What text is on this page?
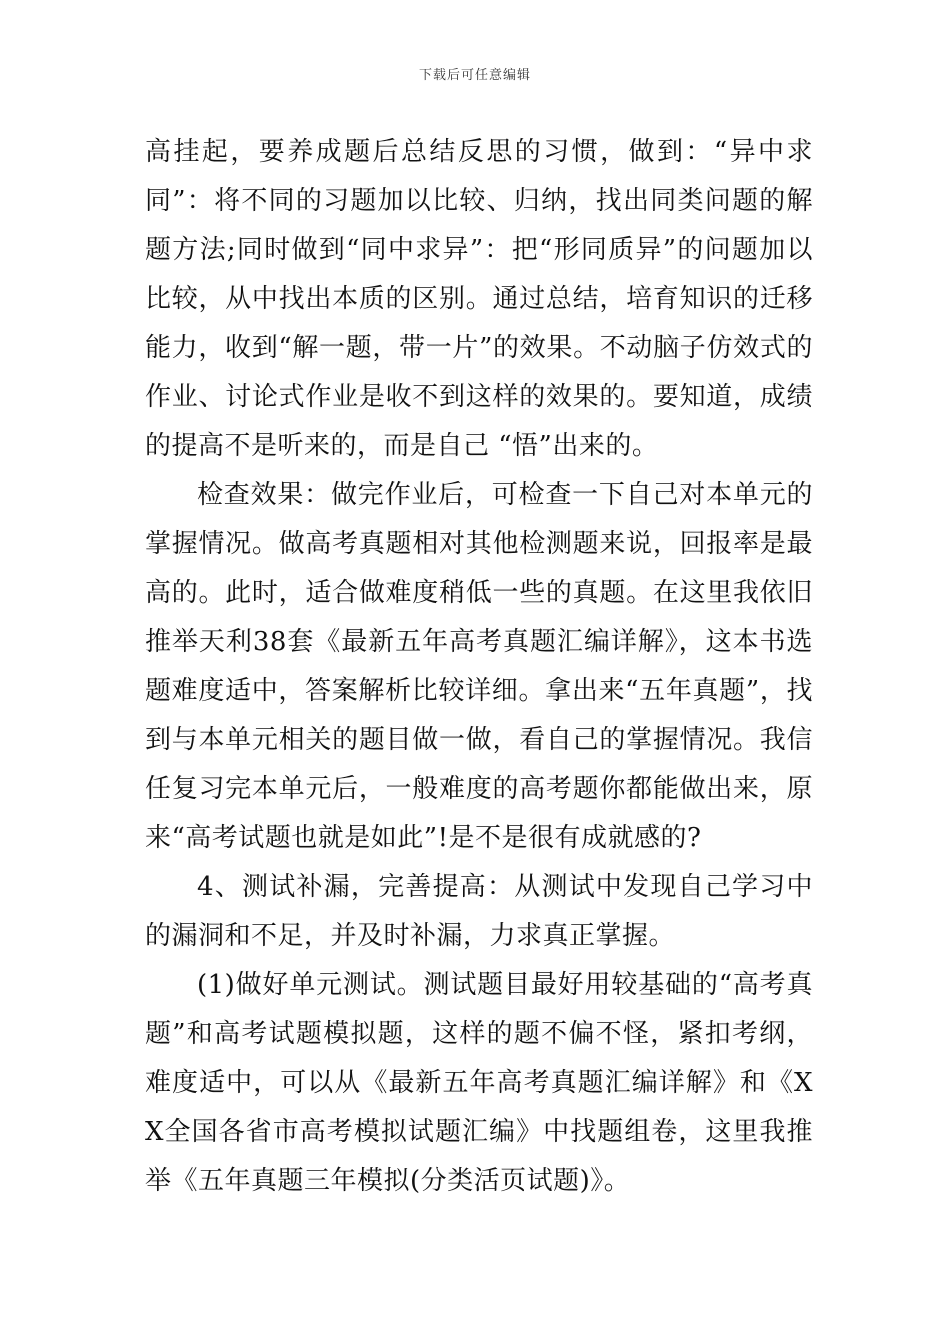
下载后可任意编辑

高挂起，要养成题后总结反思的习惯，做到：“异中求同”：将不同的习题加以比较、归纳，找出同类问题的解题方法;同时做到“同中求异”：把“形同质异”的问题加以比较，从中找出本质的区别。通过总结，培育知识的迁移能力，收到“解一题，带一片”的效果。不动脑子仿效式的作业、讨论式作业是收不到这样的效果的。要知道，成绩的提高不是听来的，而是自己 “悟”出来的。

检查效果：做完作业后，可检查一下自己对本单元的掌握情况。做高考真题相对其他检测题来说，回报率是最高的。此时，适合做难度稍低一些的真题。在这里我依旧推举天利38套《最新五年高考真题汇编详解》，这本书选题难度适中，答案解析比较详细。拿出来“五年真题”，找到与本单元相关的题目做一做，看自己的掌握情况。我信任复习完本单元后，一般难度的高考题你都能做出来，原来“高考试题也就是如此”!是不是很有成就感的?

4、测试补漏，完善提高：从测试中发现自己学习中的漏洞和不足，并及时补漏，力求真正掌握。

(1)做好单元测试。测试题目最好用较基础的“高考真题”和高考试题模拟题，这样的题不偏不怪，紧扣考纲，难度适中，可以从《最新五年高考真题汇编详解》和《XX全国各省市高考模拟试题汇编》中找题组卷，这里我推举《五年真题三年模拟(分类活页试题)》。
